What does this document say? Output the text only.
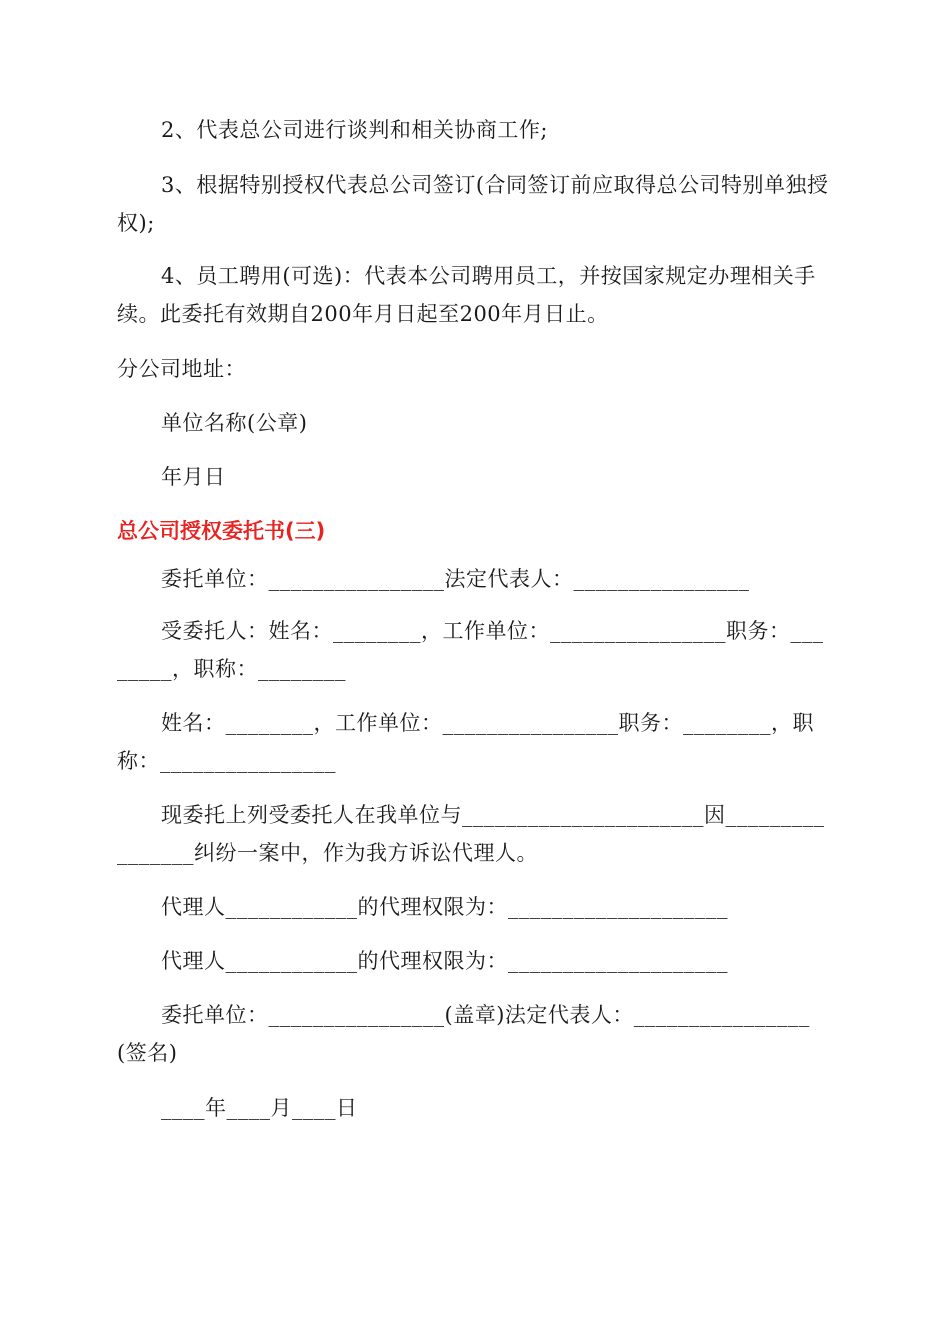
2、代表总公司进行谈判和相关协商工作;

3、根据特别授权代表总公司签订(合同签订前应取得总公司特别单独授权);

4、员工聘用(可选)：代表本公司聘用员工，并按国家规定办理相关手续。此委托有效期自200年月日起至200年月日止。

分公司地址：

单位名称(公章)

年月日

总公司授权委托书(三)

委托单位：________________法定代表人：________________

受委托人：姓名：________，工作单位：________________职务：________，职称：________

姓名：________，工作单位：________________职务：________，职称：________________

现委托上列受委托人在我单位与______________________因________________纠纷一案中，作为我方诉讼代理人。

代理人____________的代理权限为：____________________

代理人____________的代理权限为：____________________

委托单位：________________(盖章)法定代表人：________________(签名)

____年____月____日
